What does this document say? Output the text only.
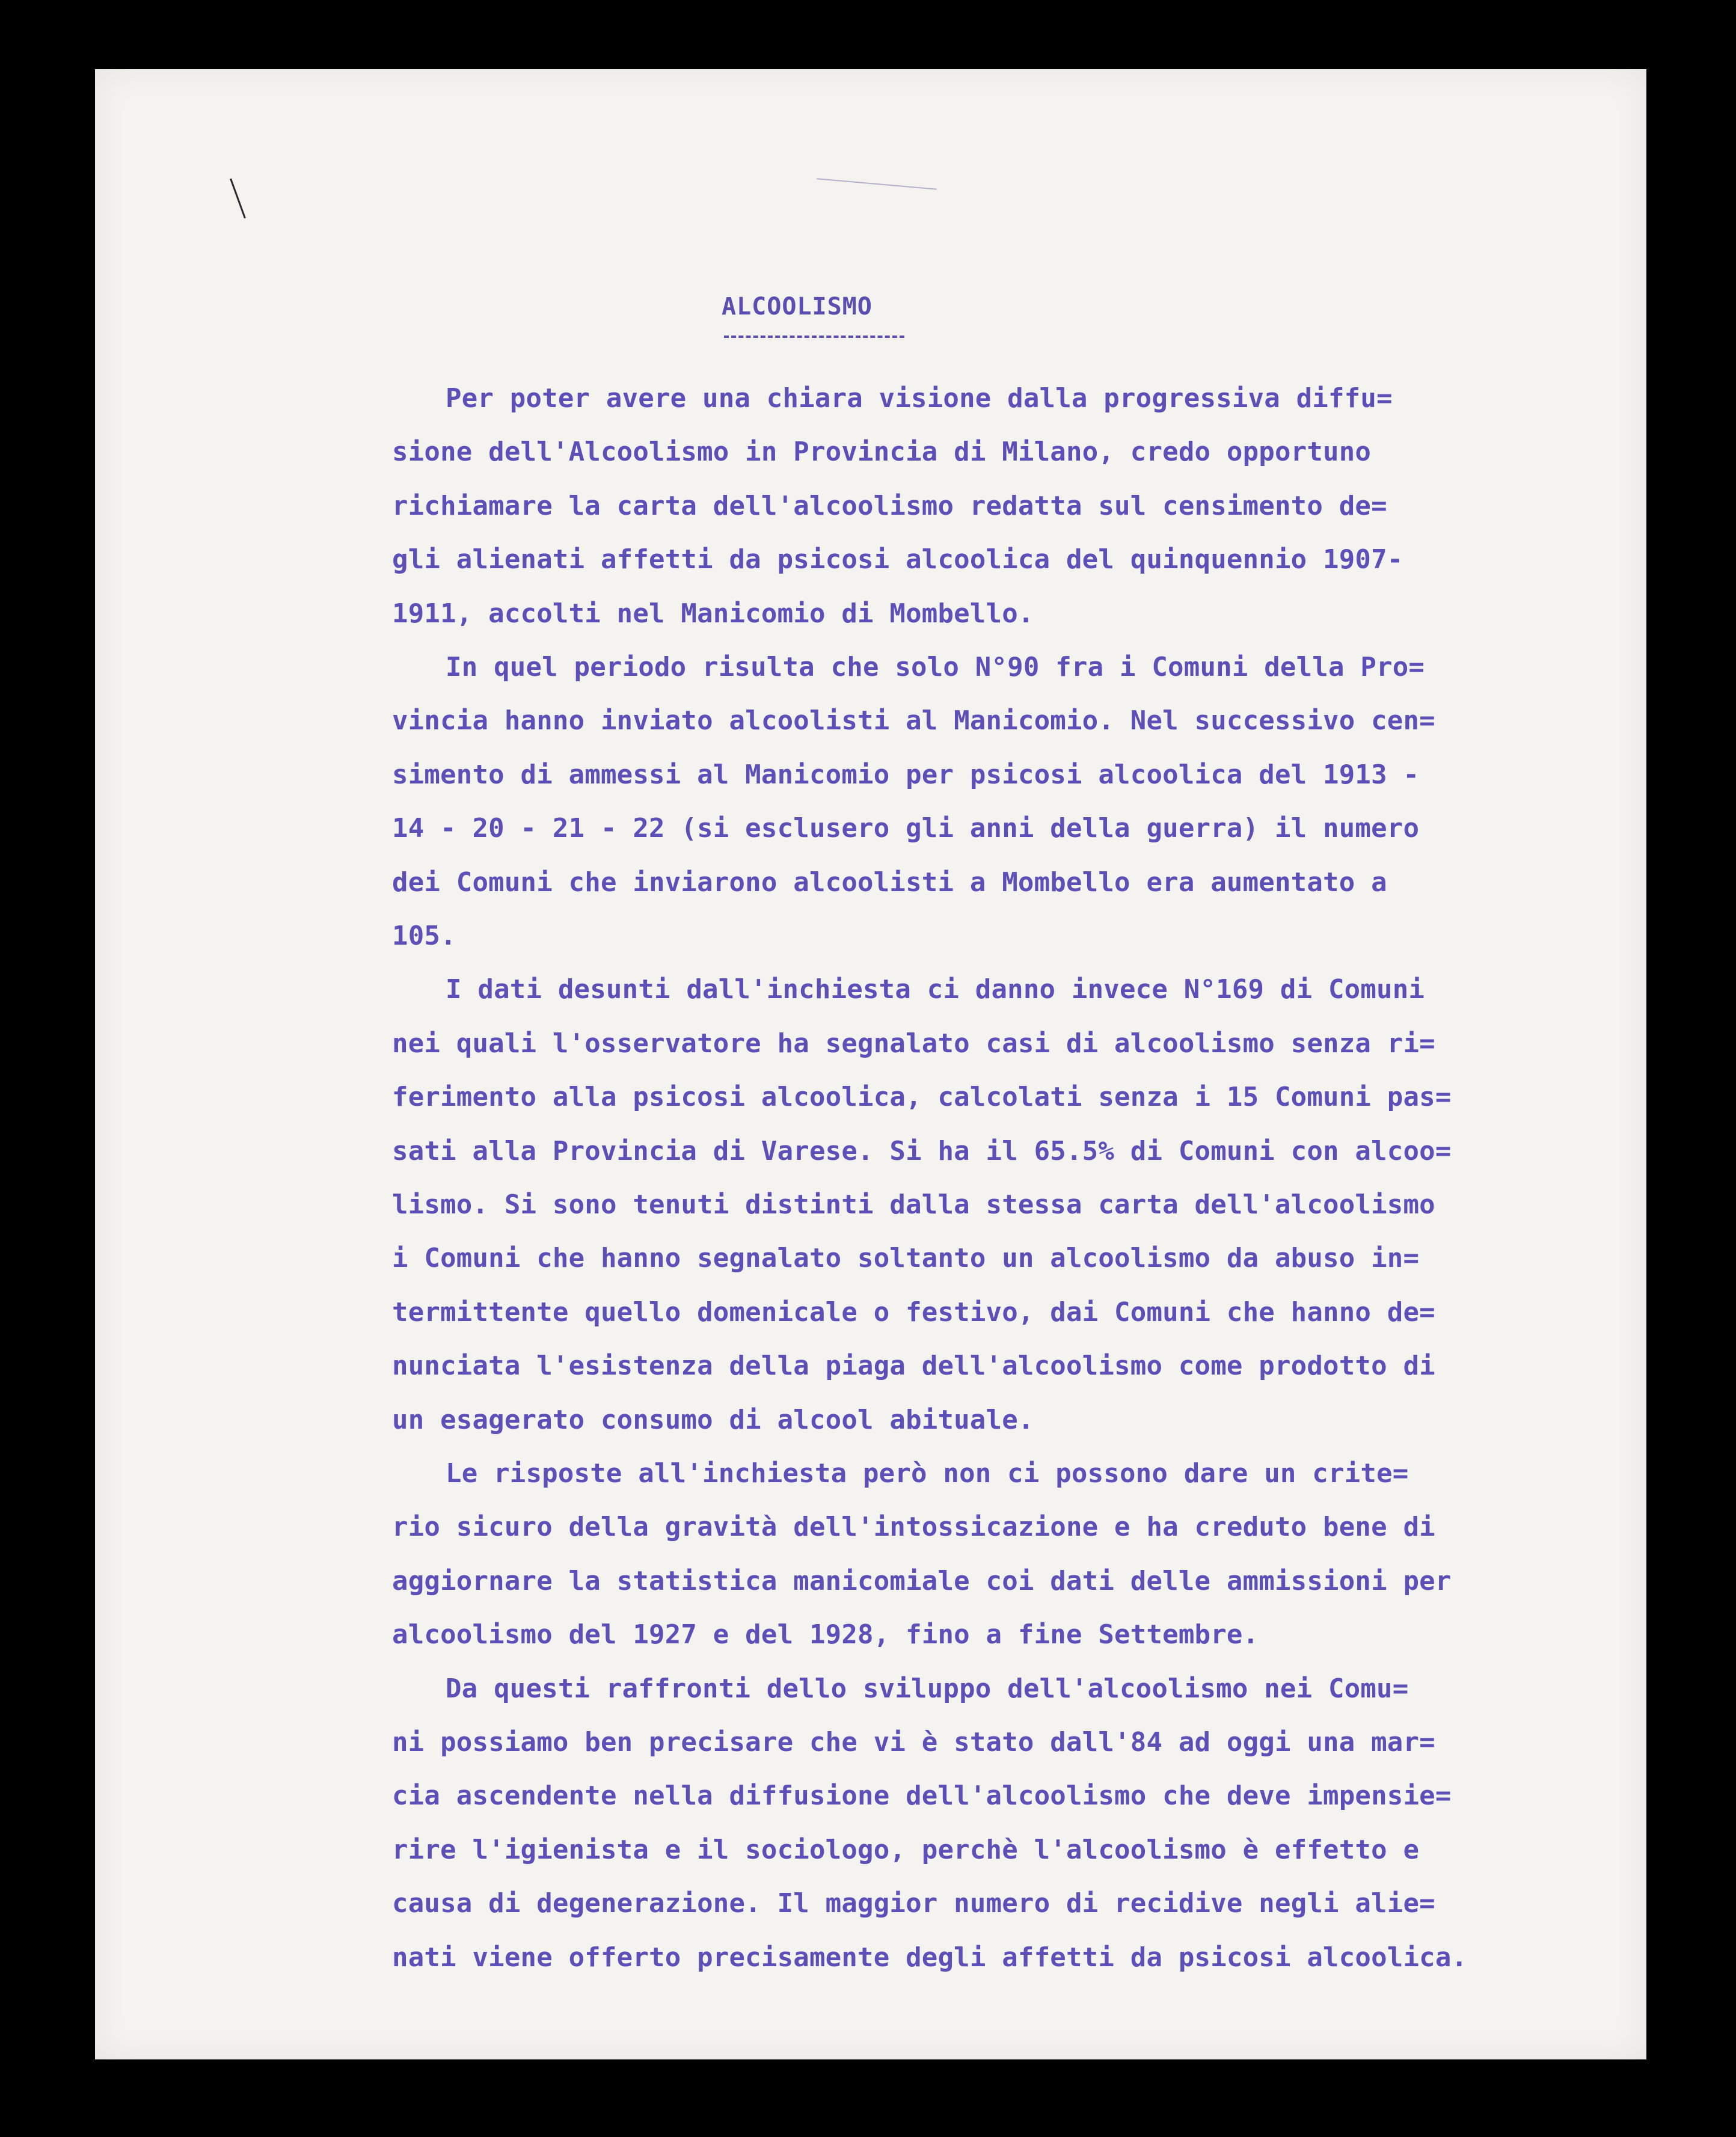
ALCOOLISMO
Per poter avere una chiara visione dalla progressiva diffu=
sione dell'Alcoolismo in Provincia di Milano, credo opportuno
richiamare la carta dell'alcoolismo redatta sul censimento de=
gli alienati affetti da psicosi alcoolica del quinquennio 1907-
1911, accolti nel Manicomio di Mombello.
In quel periodo risulta che solo N°90 fra i Comuni della Pro=
vincia hanno inviato alcoolisti al Manicomio. Nel successivo cen=
simento di ammessi al Manicomio per psicosi alcoolica del 1913 -
14 - 20 - 21 - 22 (si esclusero gli anni della guerra) il numero
dei Comuni che inviarono alcoolisti a Mombello era aumentato a
105.
I dati desunti dall'inchiesta ci danno invece N°169 di Comuni
nei quali l'osservatore ha segnalato casi di alcoolismo senza ri=
ferimento alla psicosi alcoolica, calcolati senza i 15 Comuni pas=
sati alla Provincia di Varese. Si ha il 65.5% di Comuni con alcoo=
lismo. Si sono tenuti distinti dalla stessa carta dell'alcoolismo
i Comuni che hanno segnalato soltanto un alcoolismo da abuso in=
termittente quello domenicale o festivo, dai Comuni che hanno de=
nunciata l'esistenza della piaga dell'alcoolismo come prodotto di
un esagerato consumo di alcool abituale.
Le risposte all'inchiesta però non ci possono dare un crite=
rio sicuro della gravità dell'intossicazione e ha creduto bene di
aggiornare la statistica manicomiale coi dati delle ammissioni per
alcoolismo del 1927 e del 1928, fino a fine Settembre.
Da questi raffronti dello sviluppo dell'alcoolismo nei Comu=
ni possiamo ben precisare che vi è stato dall'84 ad oggi una mar=
cia ascendente nella diffusione dell'alcoolismo che deve impensie=
rire l'igienista e il sociologo, perchè l'alcoolismo è effetto e
causa di degenerazione. Il maggior numero di recidive negli alie=
nati viene offerto precisamente degli affetti da psicosi alcoolica.
